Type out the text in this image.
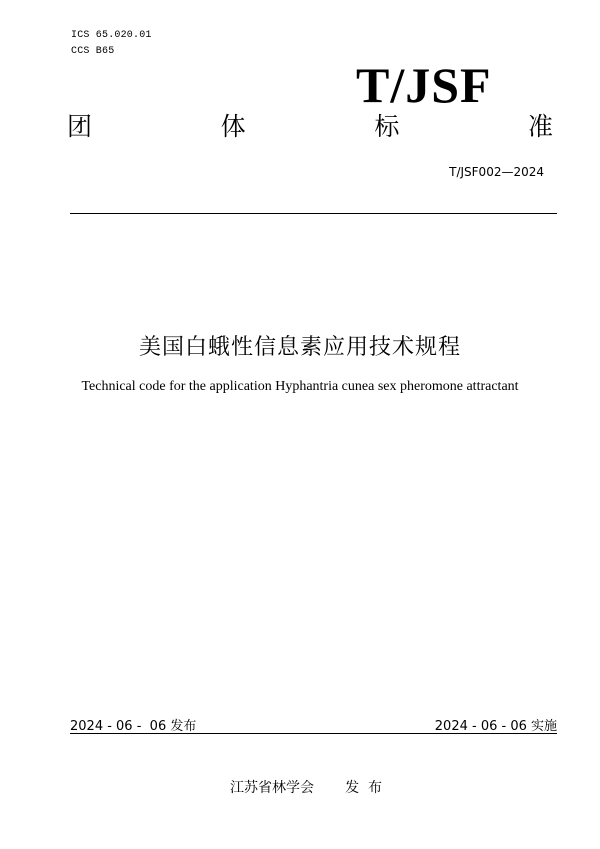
ICS 65.020.01
CCS B65
T/JSF
团	体	标	准
T/JSF002—2024
美国白蛾性信息素应用技术规程
Technical code for the application Hyphantria cunea sex pheromone attractant
2024 - 06 -  06 发布	2024 - 06 - 06 实施
江苏省林学会       发  布
